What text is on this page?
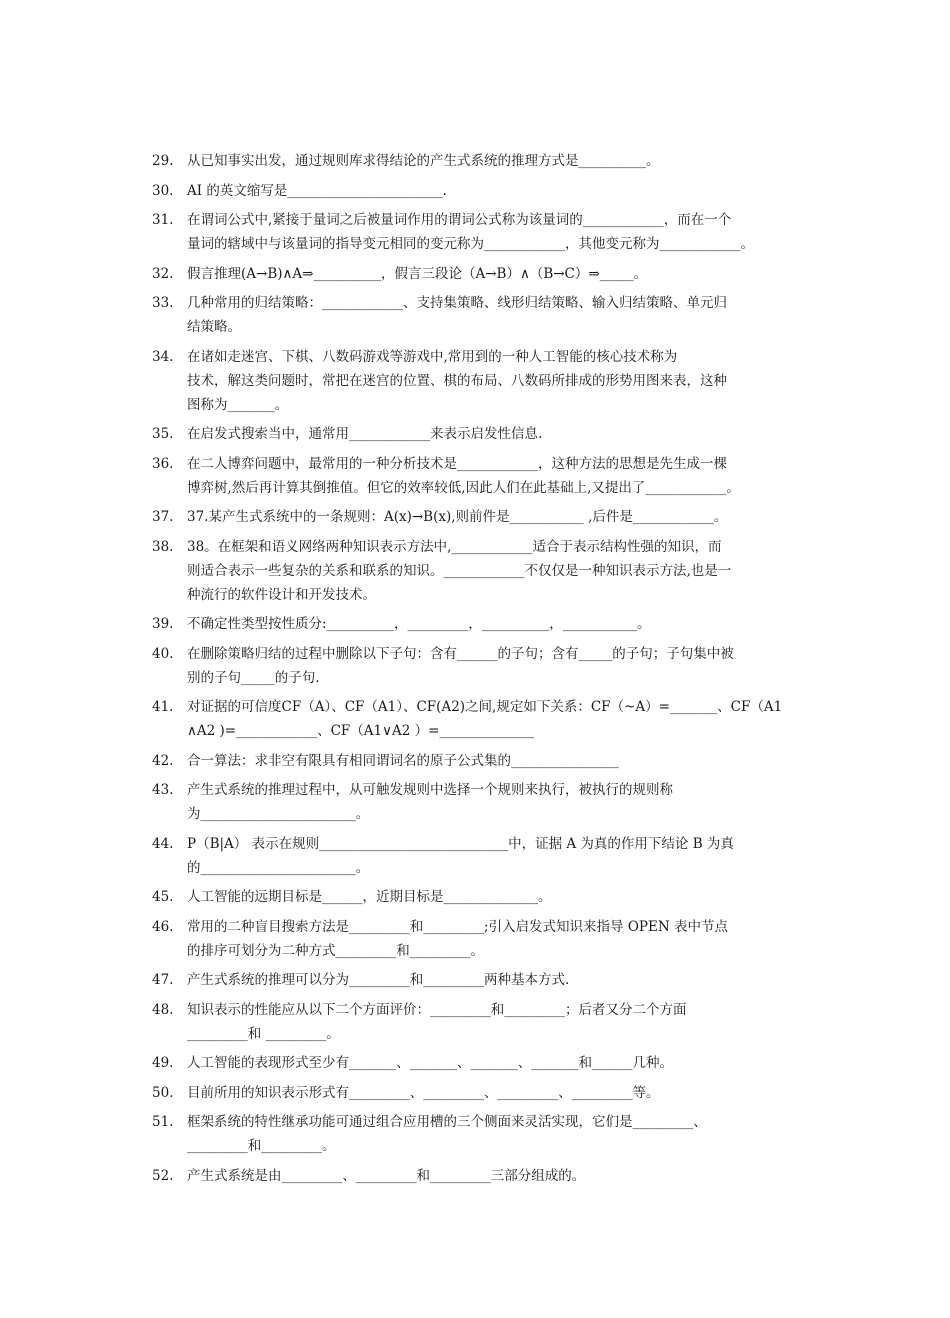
29.	从已知事实出发，通过规则库求得结论的产生式系统的推理方式是__________。

30.	AI 的英文缩写是_______________________.

31.	在谓词公式中,紧接于量词之后被量词作用的谓词公式称为该量词的____________，而在一个

量词的辖域中与该量词的指导变元相同的变元称为____________，其他变元称为____________。

32.	假言推理(A→B)∧A⇒__________，假言三段论（A→B）∧（B→C）⇒_____。

33.	几种常用的归结策略：____________、支持集策略、线形归结策略、输入归结策略、单元归

结策略。

34.	在诸如走迷宫、下棋、八数码游戏等游戏中,常用到的一种人工智能的核心技术称为

技术，解这类问题时，常把在迷宫的位置、棋的布局、八数码所排成的形势用图来表，这种

图称为_______。

35.	在启发式搜索当中，通常用____________来表示启发性信息.

36.	在二人博弈问题中，最常用的一种分析技术是____________，这种方法的思想是先生成一棵

博弈树,然后再计算其倒推值。但它的效率较低,因此人们在此基础上,又提出了____________。

37.	37.某产生式系统中的一条规则：A(x)→B(x),则前件是___________ ,后件是____________。

38.	38。在框架和语义网络两种知识表示方法中,____________适合于表示结构性强的知识，而

则适合表示一些复杂的关系和联系的知识。____________不仅仅是一种知识表示方法,也是一

种流行的软件设计和开发技术。

39.	不确定性类型按性质分:__________，_________，__________，___________。

40.	在删除策略归结的过程中删除以下子句：含有______的子句；含有_____的子句；子句集中被

别的子句_____的子句.

41.	对证据的可信度CF（A）、CF（A1）、CF(A2)之间,规定如下关系：CF（~A）=_______、CF（A1

∧A2 )=____________、CF（A1∨A2 ）=______________

42.	合一算法：求非空有限具有相同谓词名的原子公式集的________________

43.	产生式系统的推理过程中，从可触发规则中选择一个规则来执行，被执行的规则称

为_______________________。

44.	P（B|A） 表示在规则____________________________中，证据 A 为真的作用下结论 B 为真

的_______________________。

45.	人工智能的远期目标是______，近期目标是______________。

46.	常用的二种盲目搜索方法是_________和_________;引入启发式知识来指导 OPEN 表中节点

的排序可划分为二种方式_________和_________。

47.	产生式系统的推理可以分为_________和_________两种基本方式.

48.	知识表示的性能应从以下二个方面评价：_________和_________；后者又分二个方面

_________和 _________。

49.	人工智能的表现形式至少有_______、_______、_______、_______和______几种。

50.	目前所用的知识表示形式有_________、_________、_________、_________等。

51.	框架系统的特性继承功能可通过组合应用槽的三个侧面来灵活实现，它们是_________、

_________和_________。

52.	产生式系统是由_________、_________和_________三部分组成的。
